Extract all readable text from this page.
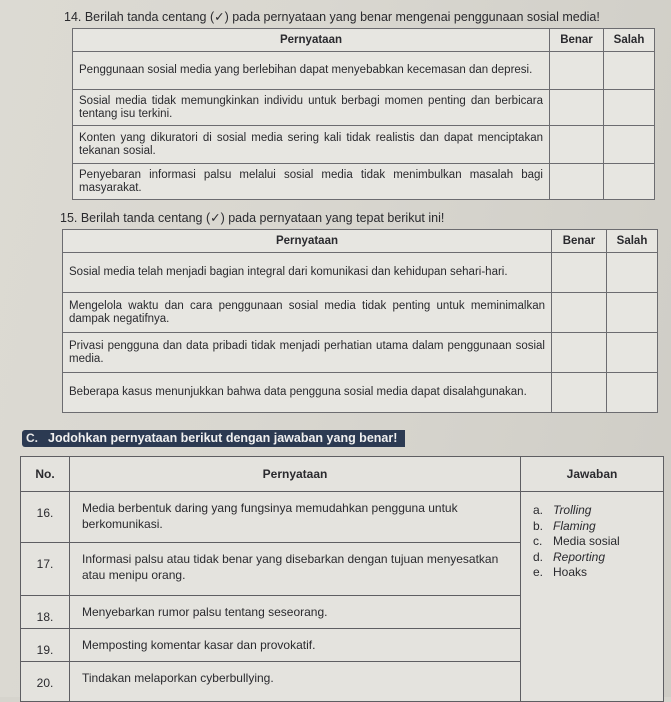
14. Berilah tanda centang (✓) pada pernyataan yang benar mengenai penggunaan sosial media!
Pernyataan	Benar	Salah
Penggunaan sosial media yang berlebihan dapat menyebabkan kecemasan dan depresi.		
Sosial media tidak memungkinkan individu untuk berbagi momen penting dan berbicara tentang isu terkini.		
Konten yang dikuratori di sosial media sering kali tidak realistis dan dapat menciptakan tekanan sosial.		
Penyebaran informasi palsu melalui sosial media tidak menimbulkan masalah bagi masyarakat.		
15. Berilah tanda centang (✓) pada pernyataan yang tepat berikut ini!
Pernyataan	Benar	Salah
Sosial media telah menjadi bagian integral dari komunikasi dan kehidupan sehari-hari.		
Mengelola waktu dan cara penggunaan sosial media tidak penting untuk meminimalkan dampak negatifnya.		
Privasi pengguna dan data pribadi tidak menjadi perhatian utama dalam penggunaan sosial media.		
Beberapa kasus menunjukkan bahwa data pengguna sosial media dapat disalahgunakan.		
C. Jodohkan pernyataan berikut dengan jawaban yang benar!
No.	Pernyataan	Jawaban
16.	Media berbentuk daring yang fungsinya memudahkan pengguna untuk berkomunikasi.	
17.	Informasi palsu atau tidak benar yang disebarkan dengan tujuan menyesatkan atau menipu orang.	
18.	Menyebarkan rumor palsu tentang seseorang.	
19.	Memposting komentar kasar dan provokatif.	
20.	Tindakan melaporkan cyberbullying.	
a. Trolling
b. Flaming
c. Media sosial
d. Reporting
e. Hoaks
